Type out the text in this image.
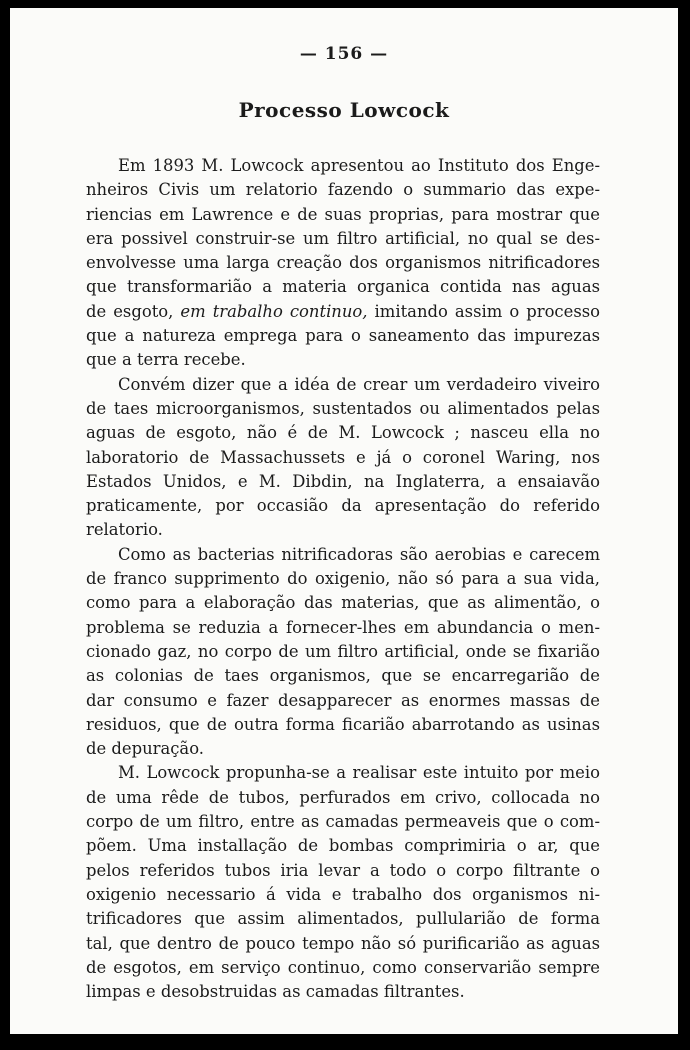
— 156 —
Processo Lowcock
Em 1893 M. Lowcock apresentou ao Instituto dos Enge-
nheiros Civis um relatorio fazendo o summario das expe-
riencias em Lawrence e de suas proprias, para mostrar que
era possivel construir-se um filtro artificial, no qual se des-
envolvesse uma larga creação dos organismos nitrificadores
que transformarião a materia organica contida nas aguas
de esgoto, em trabalho continuo, imitando assim o processo
que a natureza emprega para o saneamento das impurezas
que a terra recebe.
Convém dizer que a idéa de crear um verdadeiro viveiro
de taes microorganismos, sustentados ou alimentados pelas
aguas de esgoto, não é de M. Lowcock ; nasceu ella no
laboratorio de Massachussets e já o coronel Waring, nos
Estados Unidos, e M. Dibdin, na Inglaterra, a ensaiavão
praticamente, por occasião da apresentação do referido
relatorio.
Como as bacterias nitrificadoras são aerobias e carecem
de franco supprimento do oxigenio, não só para a sua vida,
como para a elaboração das materias, que as alimentão, o
problema se reduzia a fornecer-lhes em abundancia o men-
cionado gaz, no corpo de um filtro artificial, onde se fixarião
as colonias de taes organismos, que se encarregarião de
dar consumo e fazer desapparecer as enormes massas de
residuos, que de outra forma ficarião abarrotando as usinas
de depuração.
M. Lowcock propunha-se a realisar este intuito por meio
de uma rêde de tubos, perfurados em crivo, collocada no
corpo de um filtro, entre as camadas permeaveis que o com-
põem. Uma installação de bombas comprimiria o ar, que
pelos referidos tubos iria levar a todo o corpo filtrante o
oxigenio necessario á vida e trabalho dos organismos ni-
trificadores que assim alimentados, pullularião de forma
tal, que dentro de pouco tempo não só purificarião as aguas
de esgotos, em serviço continuo, como conservarião sempre
limpas e desobstruidas as camadas filtrantes.
